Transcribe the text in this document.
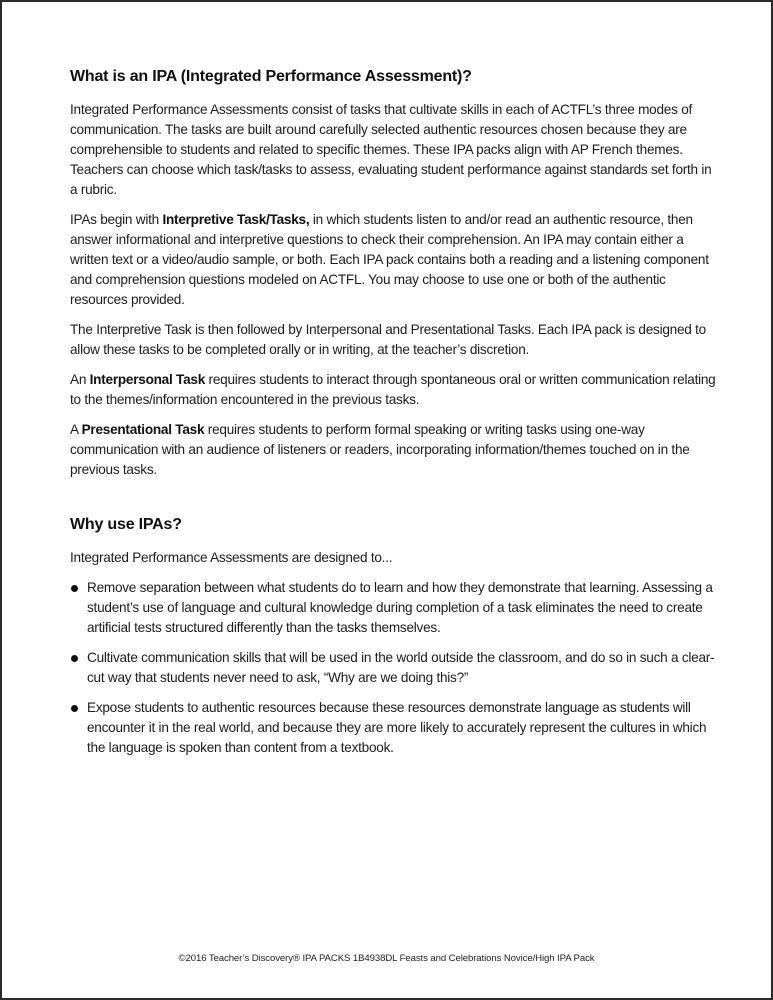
What is an IPA (Integrated Performance Assessment)?

Integrated Performance Assessments consist of tasks that cultivate skills in each of ACTFL’s three modes of communication. The tasks are built around carefully selected authentic resources chosen because they are comprehensible to students and related to specific themes. These IPA packs align with AP French themes. Teachers can choose which task/tasks to assess, evaluating student performance against standards set forth in a rubric.

IPAs begin with Interpretive Task/Tasks, in which students listen to and/or read an authentic resource, then answer informational and interpretive questions to check their comprehension. An IPA may contain either a written text or a video/audio sample, or both. Each IPA pack contains both a reading and a listening component and comprehension questions modeled on ACTFL. You may choose to use one or both of the authentic resources provided.

The Interpretive Task is then followed by Interpersonal and Presentational Tasks. Each IPA pack is designed to allow these tasks to be completed orally or in writing, at the teacher’s discretion.

An Interpersonal Task requires students to interact through spontaneous oral or written communication relating to the themes/information encountered in the previous tasks.

A Presentational Task requires students to perform formal speaking or writing tasks using one-way communication with an audience of listeners or readers, incorporating information/themes touched on in the previous tasks.

Why use IPAs?

Integrated Performance Assessments are designed to...

Remove separation between what students do to learn and how they demonstrate that learning. Assessing a student’s use of language and cultural knowledge during completion of a task eliminates the need to create artificial tests structured differently than the tasks themselves.
Cultivate communication skills that will be used in the world outside the classroom, and do so in such a clear-cut way that students never need to ask, “Why are we doing this?”
Expose students to authentic resources because these resources demonstrate language as students will encounter it in the real world, and because they are more likely to accurately represent the cultures in which the language is spoken than content from a textbook.
©2016 Teacher’s Discovery® IPA PACKS 1B4938DL Feasts and Celebrations Novice/High IPA Pack
